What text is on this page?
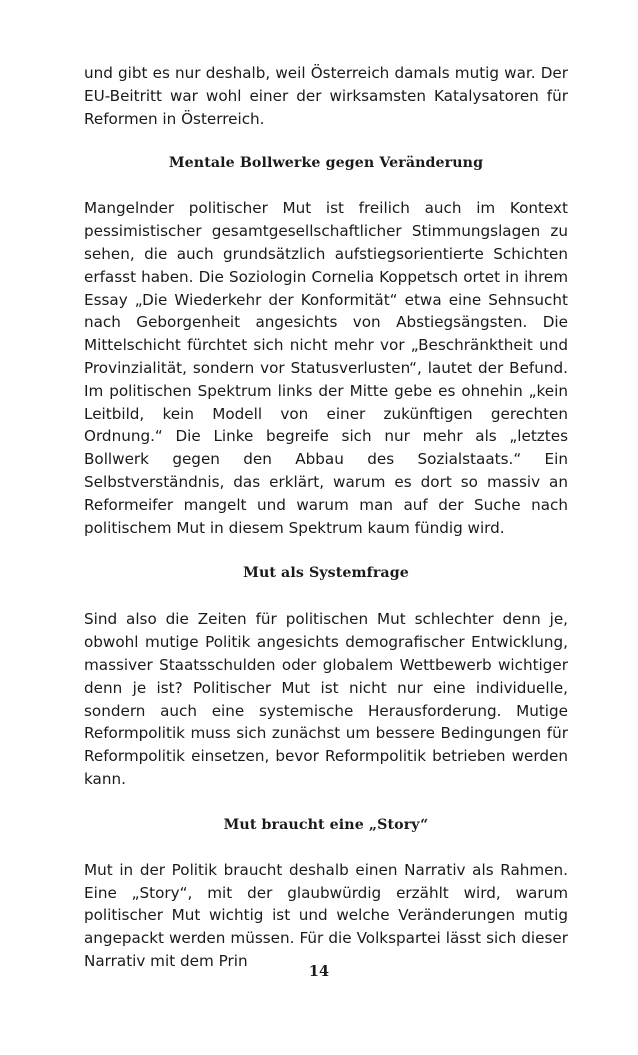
und gibt es nur deshalb, weil Österreich damals mutig war. Der EU-Beitritt war wohl einer der wirksamsten Katalysatoren für Reformen in Österreich.

Mentale Bollwerke gegen Veränderung

Mangelnder politischer Mut ist freilich auch im Kontext pessimistischer gesamtgesellschaftlicher Stimmungslagen zu sehen, die auch grundsätzlich aufstiegsorientierte Schichten erfasst haben. Die Soziologin Cornelia Koppetsch ortet in ihrem Essay „Die Wiederkehr der Konformität“ etwa eine Sehnsucht nach Geborgenheit angesichts von Abstiegsängsten. Die Mittelschicht fürchtet sich nicht mehr vor „Beschränktheit und Provinzialität, sondern vor Statusverlusten“, lautet der Befund. Im politischen Spektrum links der Mitte gebe es ohnehin „kein Leitbild, kein Modell von einer zukünftigen gerechten Ordnung.“ Die Linke begreife sich nur mehr als „letztes Bollwerk gegen den Abbau des Sozialstaats.“ Ein Selbstverständnis, das erklärt, warum es dort so massiv an Reformeifer mangelt und warum man auf der Suche nach politischem Mut in diesem Spektrum kaum fündig wird.

Mut als Systemfrage

Sind also die Zeiten für politischen Mut schlechter denn je, obwohl mutige Politik angesichts demografischer Entwicklung, massiver Staatsschulden oder globalem Wettbewerb wichtiger denn je ist? Politischer Mut ist nicht nur eine individuelle, sondern auch eine systemische Herausforderung. Mutige Reformpolitik muss sich zunächst um bessere Bedingungen für Reformpolitik einsetzen, bevor Reformpolitik betrieben werden kann.

Mut braucht eine „Story“

Mut in der Politik braucht deshalb einen Narrativ als Rahmen. Eine „Story“, mit der glaubwürdig erzählt wird, warum politischer Mut wichtig ist und welche Veränderungen mutig angepackt werden müssen. Für die Volkspartei lässt sich dieser Narrativ mit dem Prin

14
